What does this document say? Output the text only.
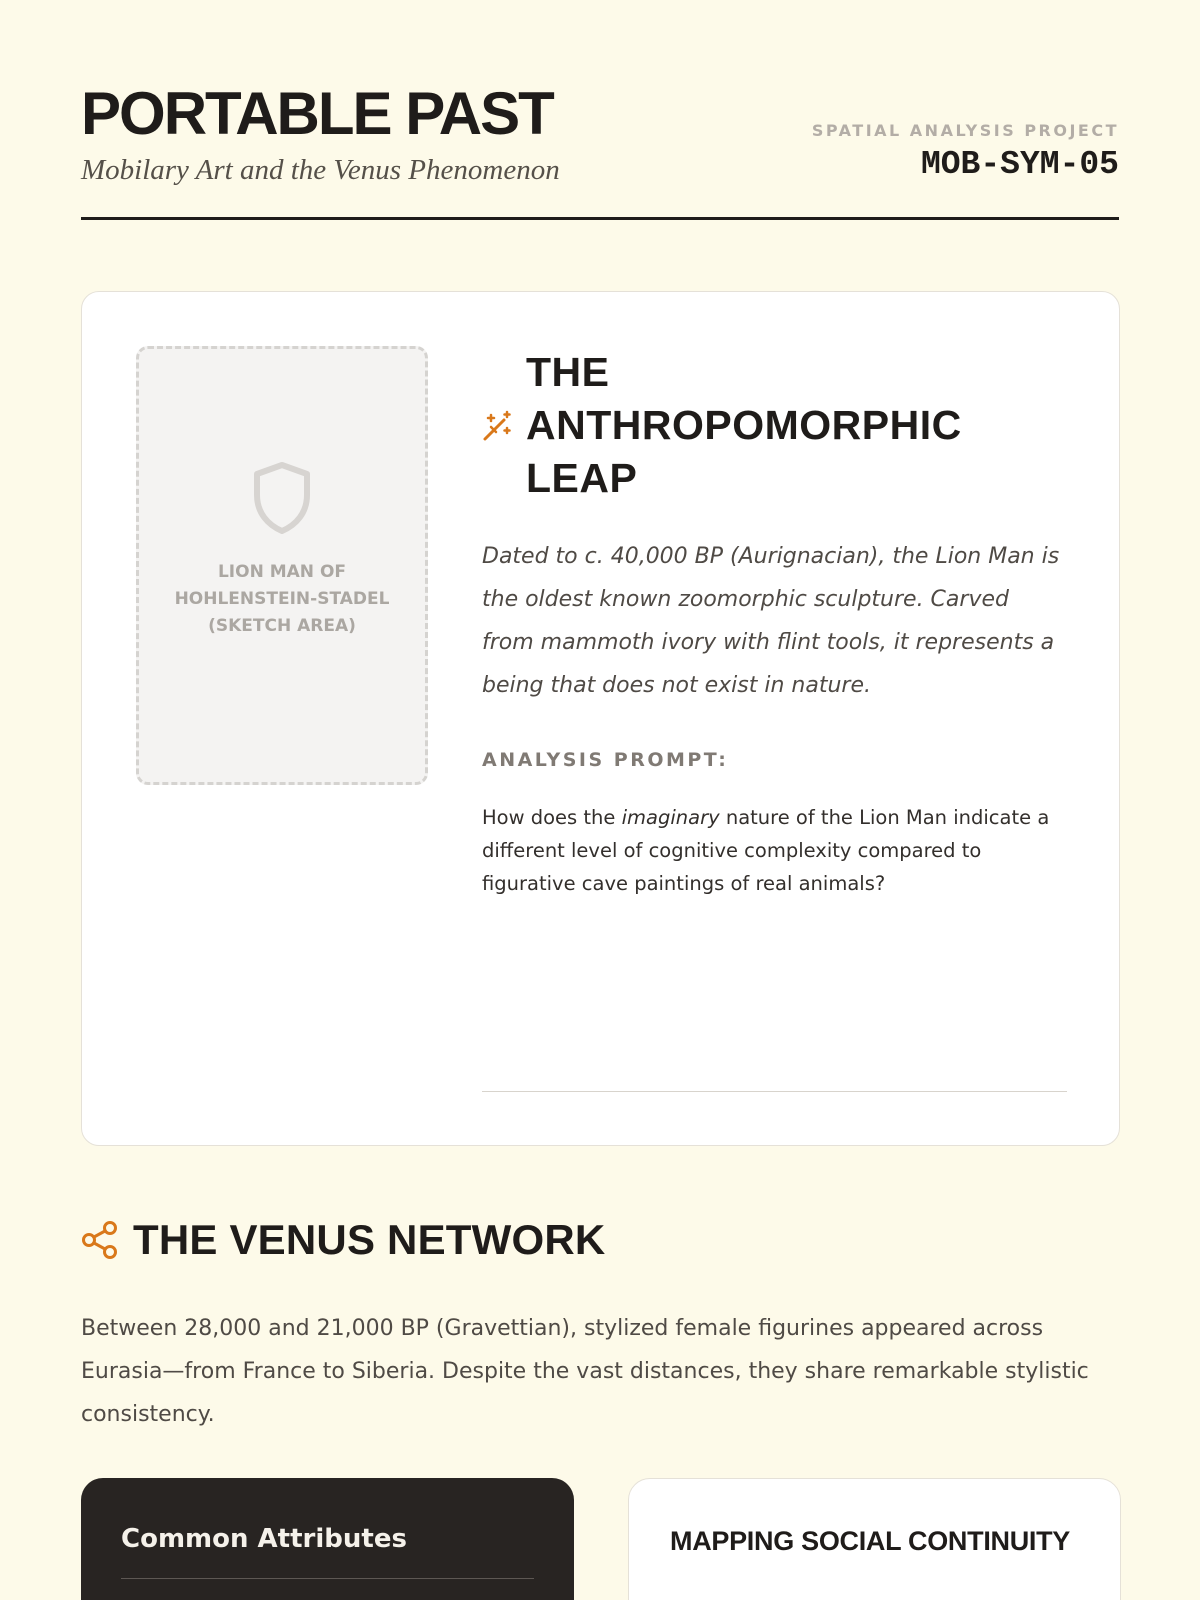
PORTABLE PAST
Mobilary Art and the Venus Phenomenon
SPATIAL ANALYSIS PROJECT
MOB-SYM-05
LION MAN OF HOHLENSTEIN-STADEL (SKETCH AREA)
THE ANTHROPOMORPHIC LEAP

Dated to c. 40,000 BP (Aurignacian), the Lion Man is the oldest known zoomorphic sculpture. Carved from mammoth ivory with flint tools, it represents a being that does not exist in nature.

ANALYSIS PROMPT:

How does the imaginary nature of the Lion Man indicate a different level of cognitive complexity compared to figurative cave paintings of real animals?

THE VENUS NETWORK

Between 28,000 and 21,000 BP (Gravettian), stylized female figurines appeared across Eurasia—from France to Siberia. Despite the vast distances, they share remarkable stylistic consistency.

Common Attributes	MAPPING SOCIAL CONTINUITY
